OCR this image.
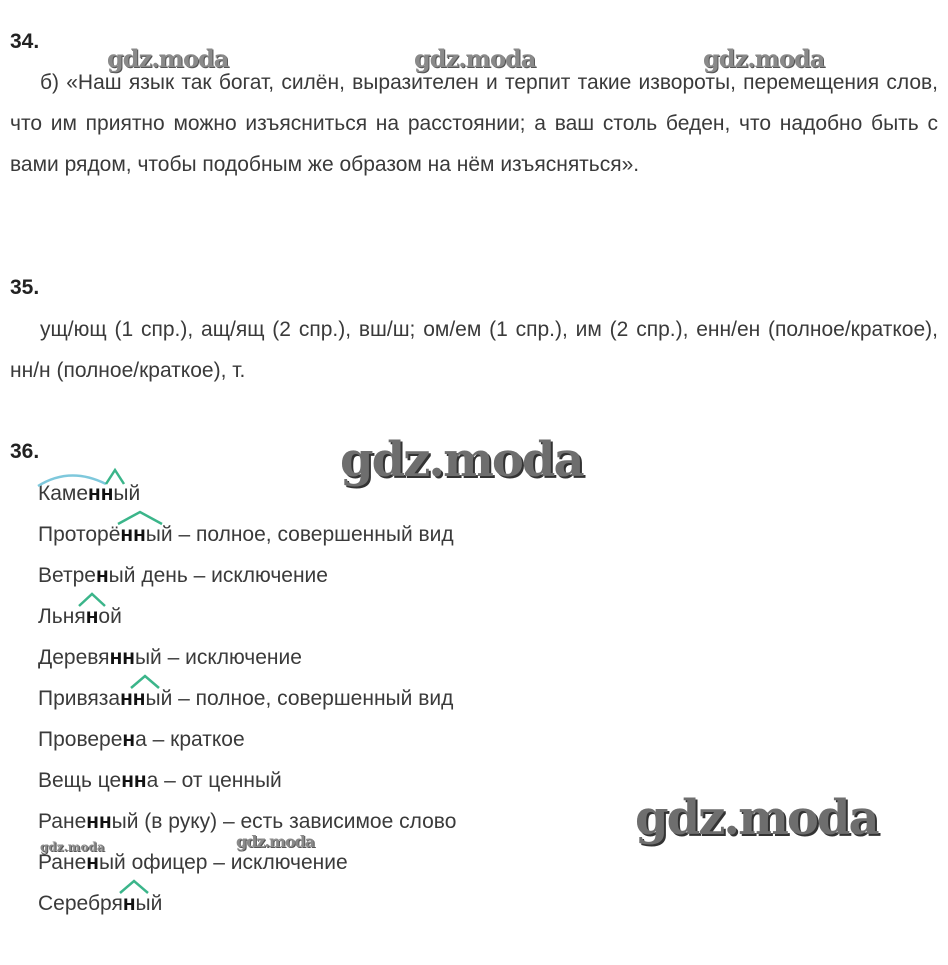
34.
б) «Наш язык так богат, силён, выразителен и терпит такие извороты, перемещения слов, что им приятно можно изъясниться на расстоянии; а ваш столь беден, что надобно быть с вами рядом, чтобы подобным же образом на нём изъясняться».
35.
ущ/ющ (1 спр.), ащ/ящ (2 спр.), вш/ш; ом/ем (1 спр.), им (2 спр.), енн/ен (полное/краткое), нн/н (полное/краткое), т.
36.
Каменный
Проторённый – полное, совершенный вид
Ветреный день – исключение
Льняной
Деревянный – исключение
Привязанный – полное, совершенный вид
Проверена – краткое
Вещь ценна – от ценный
Раненный (в руку) – есть зависимое слово
Раненый офицер – исключение
Серебряный
gdz.moda	gdz.moda	gdz.moda
gdz.moda
gdz.moda
gdz.moda
gdz.moda
